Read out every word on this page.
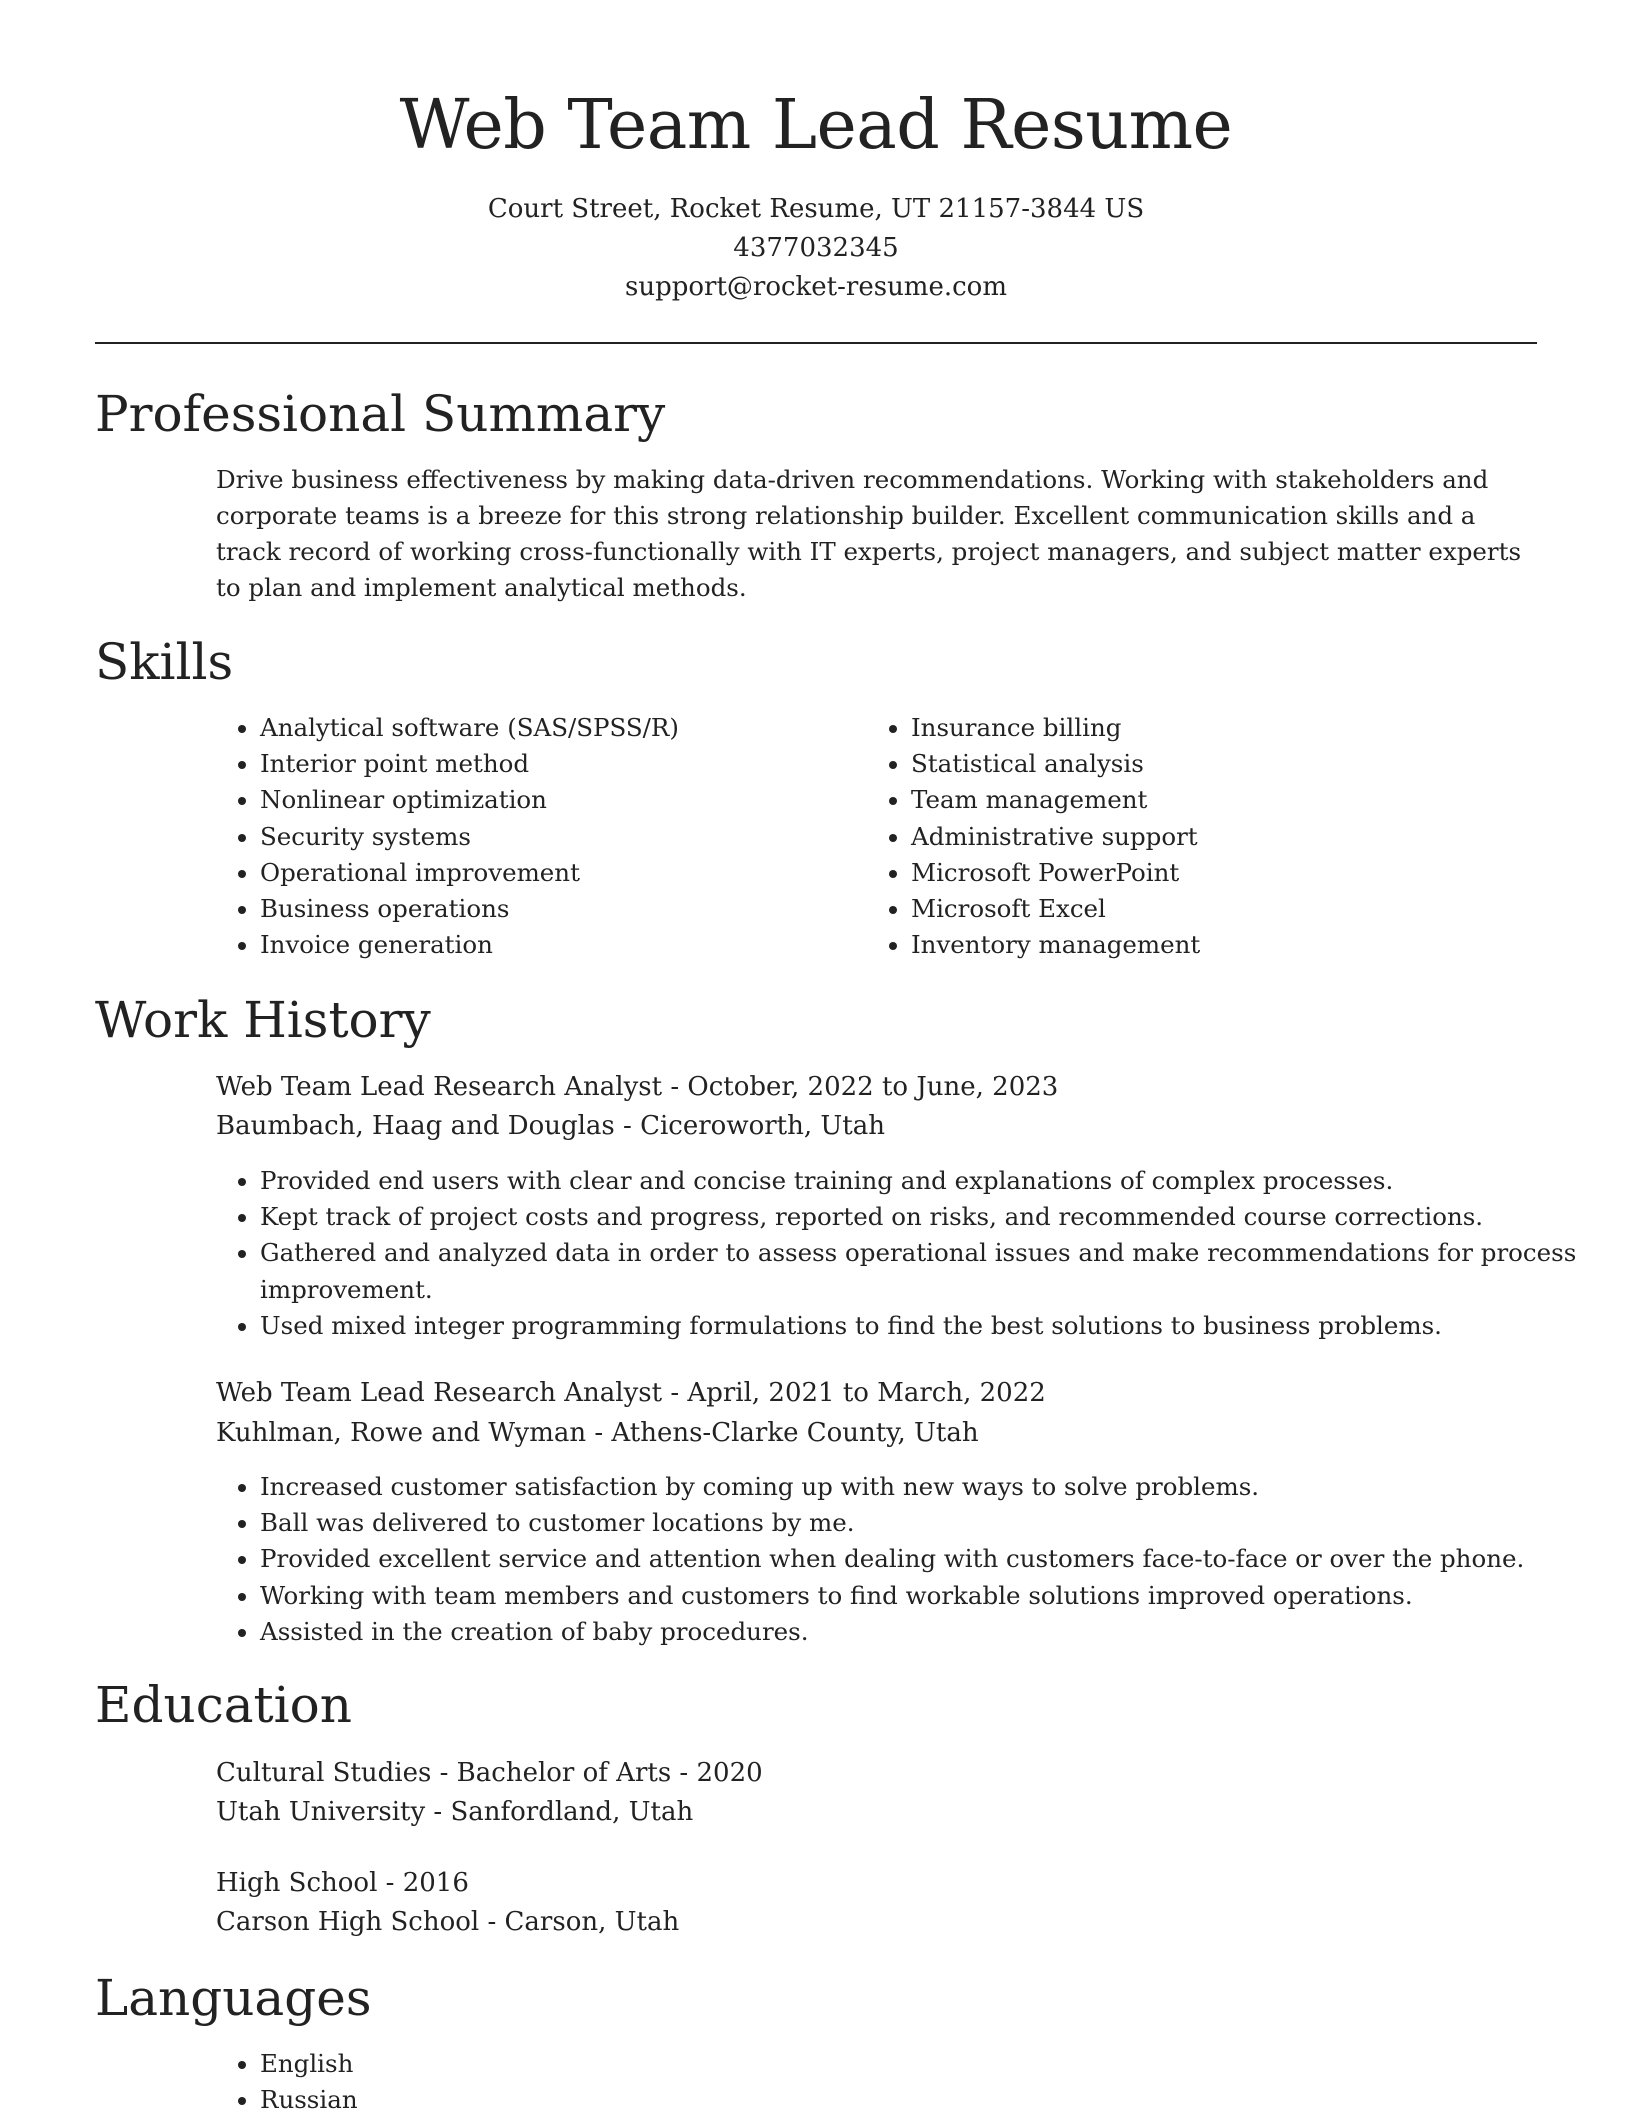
Web Team Lead Resume
Court Street, Rocket Resume, UT 21157-3844 US
4377032345
support@rocket-resume.com
Professional Summary

Drive business effectiveness by making data-driven recommendations. Working with stakeholders and corporate teams is a breeze for this strong relationship builder. Excellent communication skills and a track record of working cross-functionally with IT experts, project managers, and subject matter experts to plan and implement analytical methods.

Skills
• Analytical software (SAS/SPSS/R)
• Interior point method
• Nonlinear optimization
• Security systems
• Operational improvement
• Business operations
• Invoice generation
• Insurance billing
• Statistical analysis
• Team management
• Administrative support
• Microsoft PowerPoint
• Microsoft Excel
• Inventory management
Work History
Web Team Lead Research Analyst - October, 2022 to June, 2023
Baumbach, Haag and Douglas - Ciceroworth, Utah
• Provided end users with clear and concise training and explanations of complex processes.
• Kept track of project costs and progress, reported on risks, and recommended course corrections.
• Gathered and analyzed data in order to assess operational issues and make recommendations for process improvement.
• Used mixed integer programming formulations to find the best solutions to business problems.
Web Team Lead Research Analyst - April, 2021 to March, 2022
Kuhlman, Rowe and Wyman - Athens-Clarke County, Utah
• Increased customer satisfaction by coming up with new ways to solve problems.
• Ball was delivered to customer locations by me.
• Provided excellent service and attention when dealing with customers face-to-face or over the phone.
• Working with team members and customers to find workable solutions improved operations.
• Assisted in the creation of baby procedures.
Education
Cultural Studies - Bachelor of Arts - 2020
Utah University - Sanfordland, Utah
High School - 2016
Carson High School - Carson, Utah
Languages
• English
• Russian
